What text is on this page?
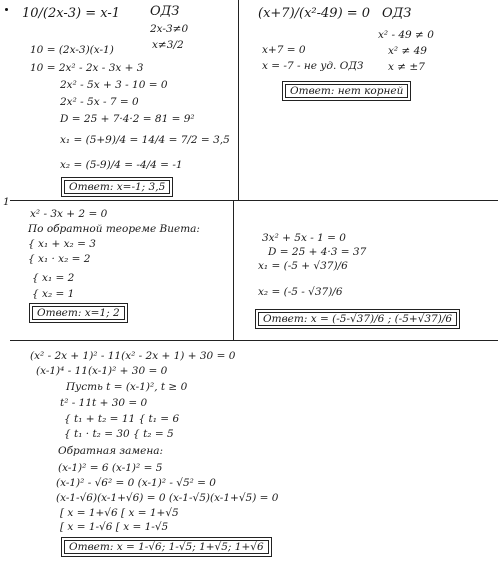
1
10/(2x-3) = x-1 ОДЗ
2x-3≠0
x≠3/2
10 = (2x-3)(x-1)
10 = 2x² - 2x - 3x + 3
2x² - 5x + 3 - 10 = 0
2x² - 5x - 7 = 0
D = 25 + 7·4·2 = 81 = 9²
x₁ = (5+9)/4 = 14/4 = 7/2 = 3,5
x₂ = (5-9)/4 = -4/4 = -1
Ответ: x=-1; 3,5
(x+7)/(x²-49) = 0 ОДЗ
x² - 49 ≠ 0
x² ≠ 49
x ≠ ±7
x+7 = 0
x = -7 - не уд. ОДЗ
Ответ: нет корней
x² - 3x + 2 = 0
По обратной теореме Виета:
{ x₁ + x₂ = 3
{ x₁ · x₂ = 2
{ x₁ = 2
{ x₂ = 1
Ответ: x=1; 2
3x² + 5x - 1 = 0
D = 25 + 4·3 = 37
x₁ = (-5 + √37)/6
x₂ = (-5 - √37)/6
Ответ: x = (-5-√37)/6 ; (-5+√37)/6
(x² - 2x + 1)² - 11(x² - 2x + 1) + 30 = 0
(x-1)⁴ - 11(x-1)² + 30 = 0
Пусть t = (x-1)², t ≥ 0
t² - 11t + 30 = 0
{ t₁ + t₂ = 11 { t₁ = 6
{ t₁ · t₂ = 30 { t₂ = 5
Обратная замена:
(x-1)² = 6 (x-1)² = 5
(x-1)² - √6² = 0 (x-1)² - √5² = 0
(x-1-√6)(x-1+√6) = 0 (x-1-√5)(x-1+√5) = 0
[ x = 1+√6 [ x = 1+√5
[ x = 1-√6 [ x = 1-√5
Ответ: x = 1-√6; 1-√5; 1+√5; 1+√6
